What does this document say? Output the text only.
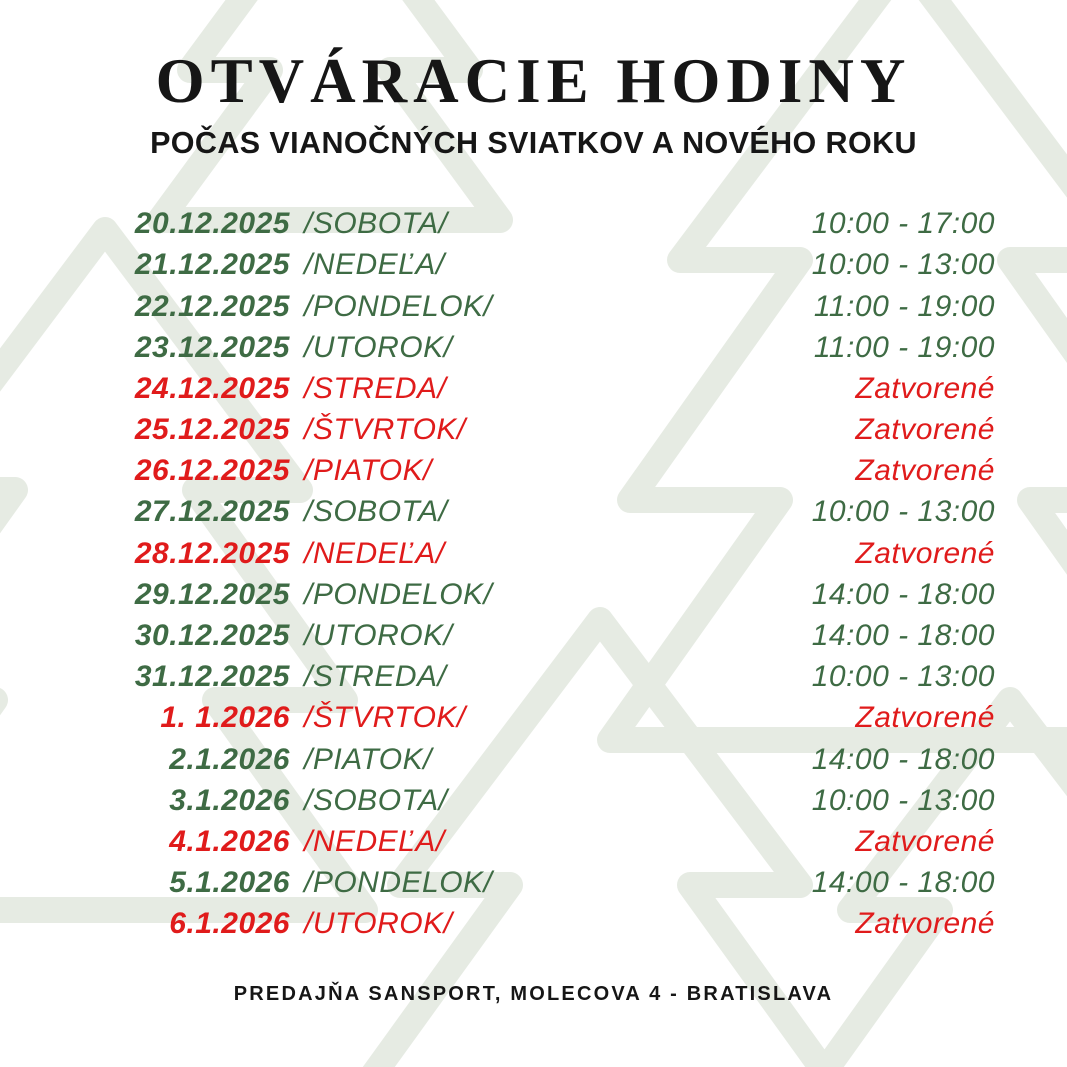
OTVÁRACIE HODINY
POČAS VIANOČNÝCH SVIATKOV A NOVÉHO ROKU
20.12.2025 /SOBOTA/	10:00 - 17:00
21.12.2025 /NEDEĽA/	10:00 - 13:00
22.12.2025 /PONDELOK/	11:00 - 19:00
23.12.2025 /UTOROK/	11:00 - 19:00
24.12.2025 /STREDA/	Zatvorené
25.12.2025 /ŠTVRTOK/	Zatvorené
26.12.2025 /PIATOK/	Zatvorené
27.12.2025 /SOBOTA/	10:00 - 13:00
28.12.2025 /NEDEĽA/	Zatvorené
29.12.2025 /PONDELOK/	14:00 - 18:00
30.12.2025 /UTOROK/	14:00 - 18:00
31.12.2025 /STREDA/	10:00 - 13:00
1. 1.2026 /ŠTVRTOK/	Zatvorené
2.1.2026 /PIATOK/	14:00 - 18:00
3.1.2026 /SOBOTA/	10:00 - 13:00
4.1.2026 /NEDEĽA/	Zatvorené
5.1.2026 /PONDELOK/	14:00 - 18:00
6.1.2026 /UTOROK/	Zatvorené
PREDAJŇA SANSPORT, MOLECOVA 4 - BRATISLAVA
